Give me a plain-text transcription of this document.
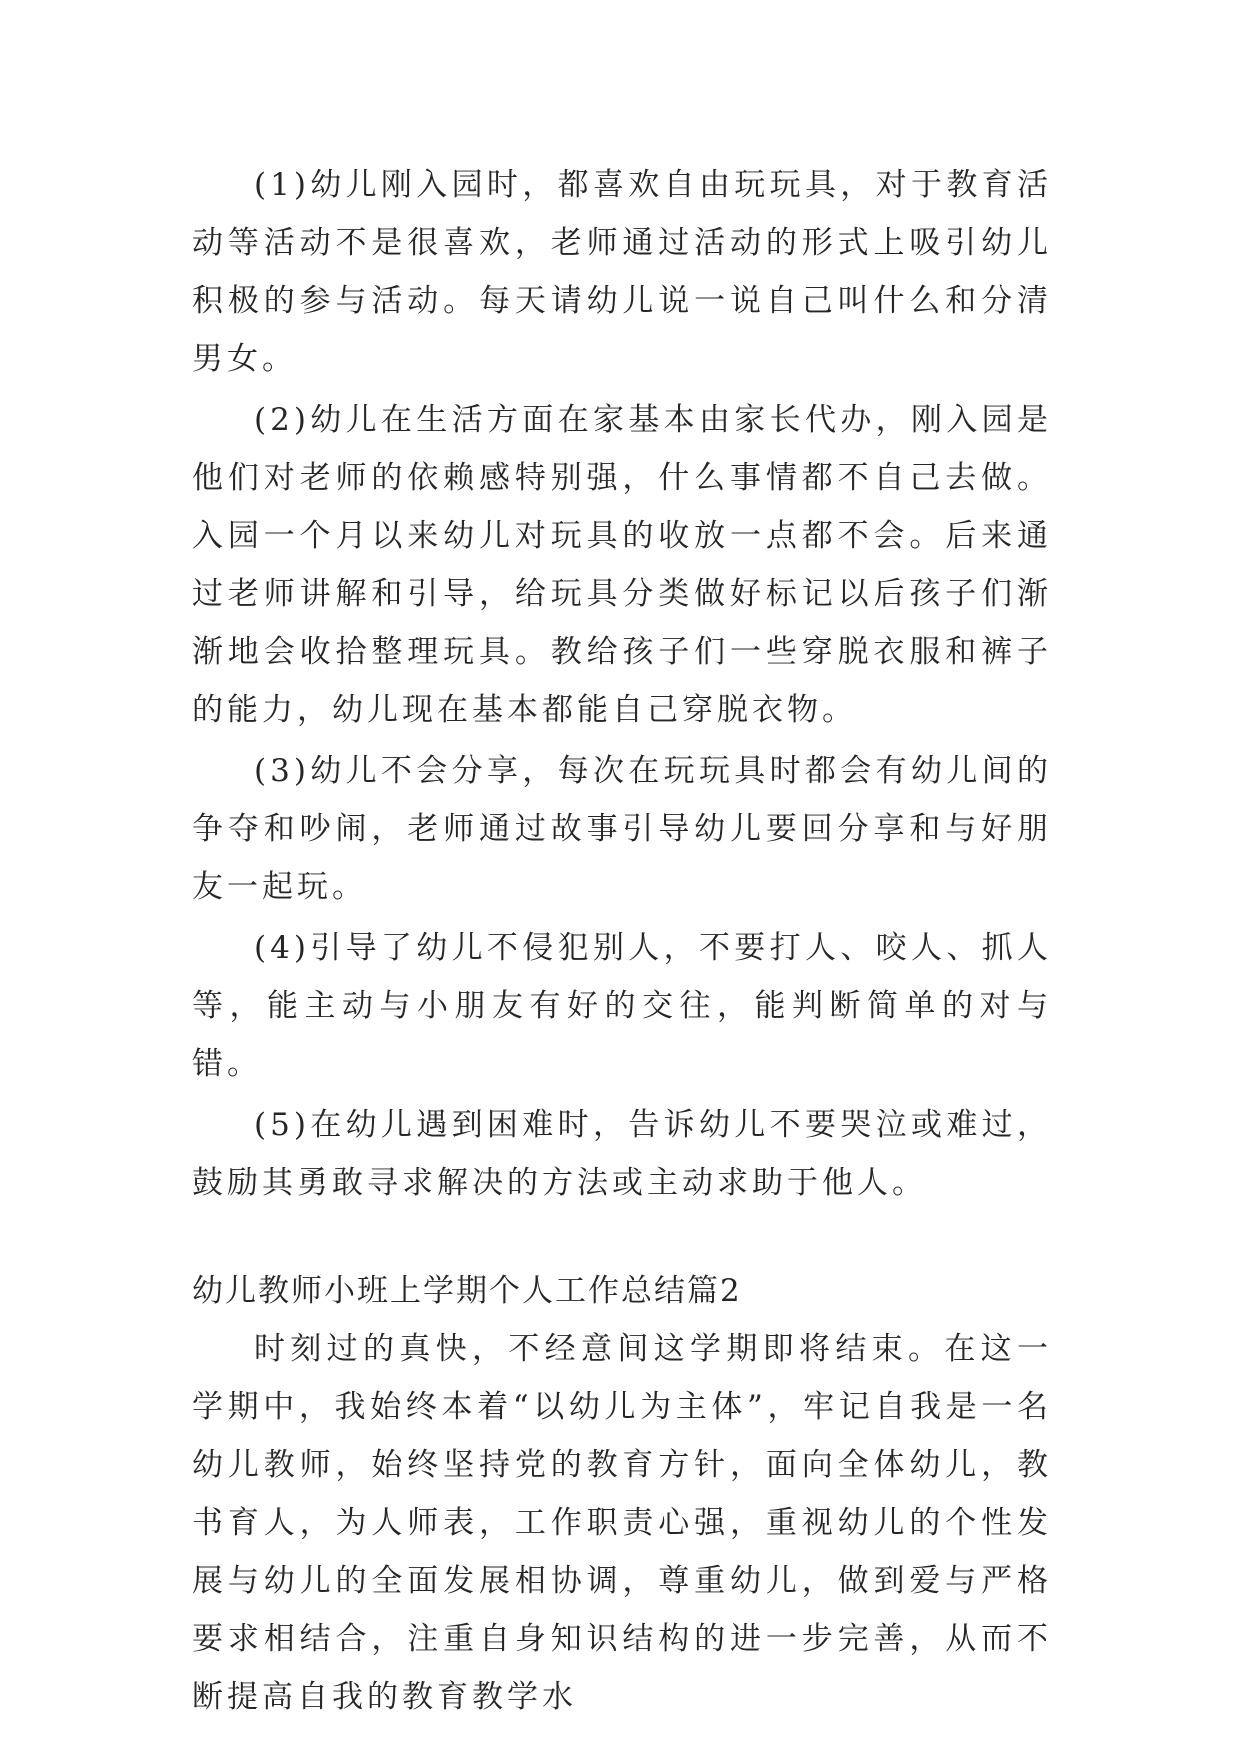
(1)幼儿刚入园时，都喜欢自由玩玩具，对于教育活动等活动不是很喜欢，老师通过活动的形式上吸引幼儿积极的参与活动。每天请幼儿说一说自己叫什么和分清男女。

(2)幼儿在生活方面在家基本由家长代办，刚入园是他们对老师的依赖感特别强，什么事情都不自己去做。入园一个月以来幼儿对玩具的收放一点都不会。后来通过老师讲解和引导，给玩具分类做好标记以后孩子们渐渐地会收拾整理玩具。教给孩子们一些穿脱衣服和裤子的能力，幼儿现在基本都能自己穿脱衣物。

(3)幼儿不会分享，每次在玩玩具时都会有幼儿间的争夺和吵闹，老师通过故事引导幼儿要回分享和与好朋友一起玩。

(4)引导了幼儿不侵犯别人，不要打人、咬人、抓人等，能主动与小朋友有好的交往，能判断简单的对与错。

(5)在幼儿遇到困难时，告诉幼儿不要哭泣或难过，鼓励其勇敢寻求解决的方法或主动求助于他人。

幼儿教师小班上学期个人工作总结篇2

时刻过的真快，不经意间这学期即将结束。在这一学期中，我始终本着“以幼儿为主体”，牢记自我是一名幼儿教师，始终坚持党的教育方针，面向全体幼儿，教书育人，为人师表，工作职责心强，重视幼儿的个性发展与幼儿的全面发展相协调，尊重幼儿，做到爱与严格要求相结合，注重自身知识结构的进一步完善，从而不断提高自我的教育教学水
